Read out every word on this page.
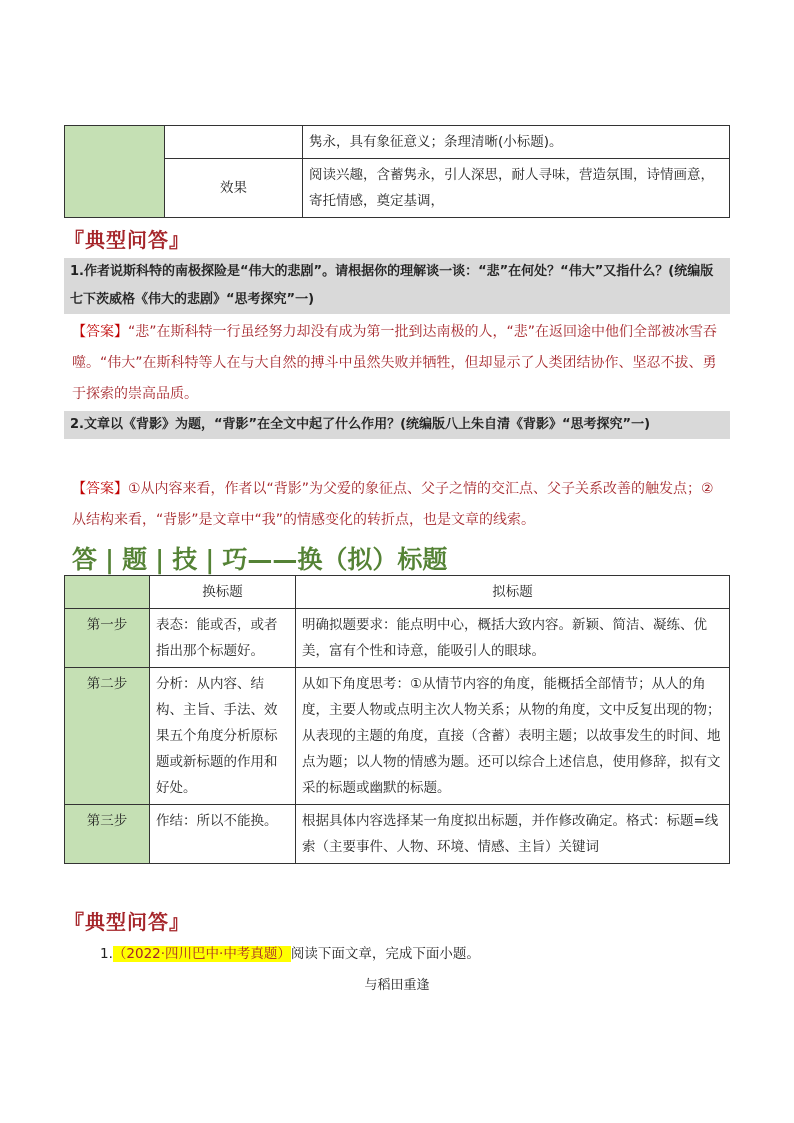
		隽永，具有象征意义；条理清晰(小标题)。
	效果	阅读兴趣，含蓄隽永，引人深思，耐人寻味，营造氛围，诗情画意，寄托情感，奠定基调，
『典型问答』
1.作者说斯科特的南极探险是“伟大的悲剧”。请根据你的理解谈一谈：“悲”在何处？“伟大”又指什么？(统编版七下茨威格《伟大的悲剧》“思考探究”一)
【答案】“悲”在斯科特一行虽经努力却没有成为第一批到达南极的人，“悲”在返回途中他们全部被冰雪吞噬。“伟大”在斯科特等人在与大自然的搏斗中虽然失败并牺牲，但却显示了人类团结协作、坚忍不拔、勇于探索的崇高品质。
2.文章以《背影》为题，“背影”在全文中起了什么作用？(统编版八上朱自清《背影》“思考探究”一)
【答案】①从内容来看，作者以“背影”为父爱的象征点、父子之情的交汇点、父子关系改善的触发点；②从结构来看，“背影”是文章中“我”的情感变化的转折点，也是文章的线索。
答 | 题 | 技 | 巧——换（拟）标题
	换标题	拟标题
第一步	表态：能或否，或者指出那个标题好。	明确拟题要求：能点明中心，概括大致内容。新颖、简洁、凝练、优美，富有个性和诗意，能吸引人的眼球。
第二步	分析：从内容、结构、主旨、手法、效果五个角度分析原标题或新标题的作用和好处。	从如下角度思考：①从情节内容的角度，能概括全部情节；从人的角度，主要人物或点明主次人物关系；从物的角度，文中反复出现的物；从表现的主题的角度，直接（含蓄）表明主题；以故事发生的时间、地点为题；以人物的情感为题。还可以综合上述信息，使用修辞，拟有文采的标题或幽默的标题。
第三步	作结：所以不能换。	根据具体内容选择某一角度拟出标题，并作修改确定。格式：标题=线索（主要事件、人物、环境、情感、主旨）关键词
『典型问答』
1.（2022·四川巴中·中考真题）阅读下面文章，完成下面小题。
与稻田重逢
